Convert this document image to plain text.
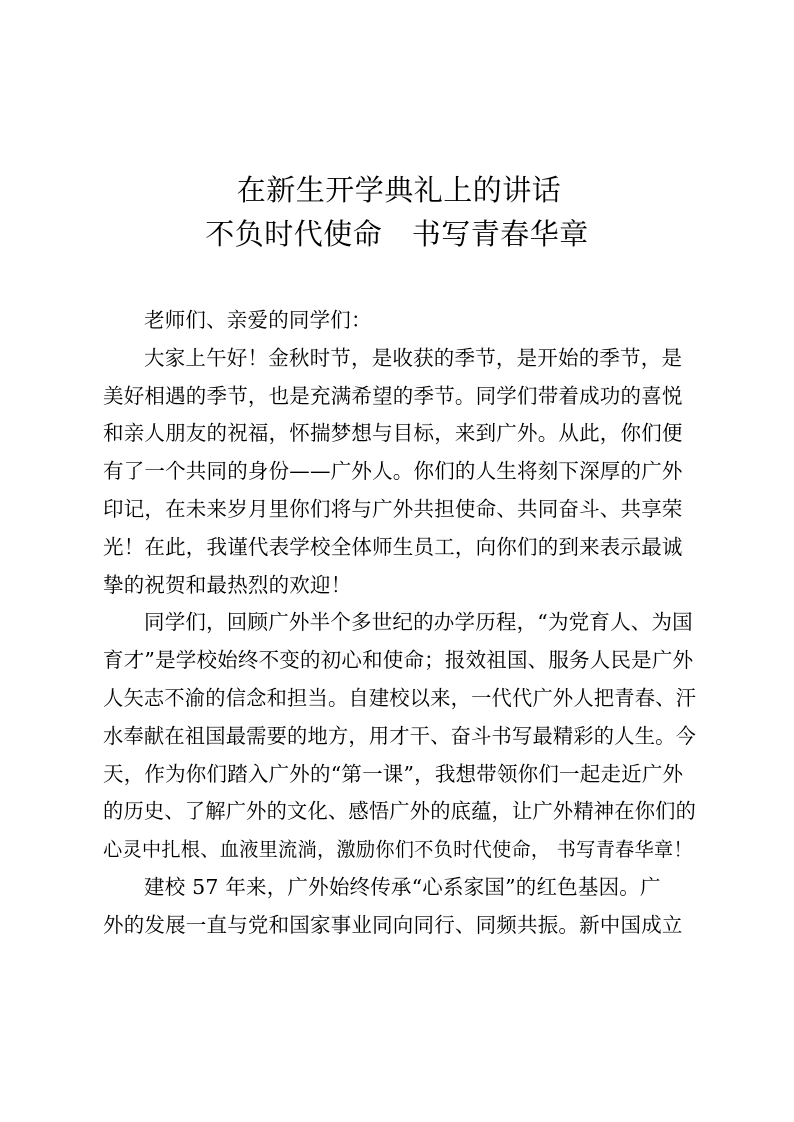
在新生开学典礼上的讲话
不负时代使命　书写青春华章
老师们、亲爱的同学们：
大家上午好！金秋时节，是收获的季节，是开始的季节，是
美好相遇的季节，也是充满希望的季节。同学们带着成功的喜悦
和亲人朋友的祝福，怀揣梦想与目标，来到广外。从此，你们便
有了一个共同的身份——广外人。你们的人生将刻下深厚的广外
印记，在未来岁月里你们将与广外共担使命、共同奋斗、共享荣
光！在此，我谨代表学校全体师生员工，向你们的到来表示最诚
挚的祝贺和最热烈的欢迎！
同学们，回顾广外半个多世纪的办学历程，“为党育人、为国
育才”是学校始终不变的初心和使命；报效祖国、服务人民是广外
人矢志不渝的信念和担当。自建校以来，一代代广外人把青春、汗
水奉献在祖国最需要的地方，用才干、奋斗书写最精彩的人生。今
天，作为你们踏入广外的“第一课”，我想带领你们一起走近广外
的历史、了解广外的文化、感悟广外的底蕴，让广外精神在你们的
心灵中扎根、血液里流淌，激励你们不负时代使命， 书写青春华章！
建校 57 年来，广外始终传承“心系家国”的红色基因。广
外的发展一直与党和国家事业同向同行、同频共振。新中国成立
